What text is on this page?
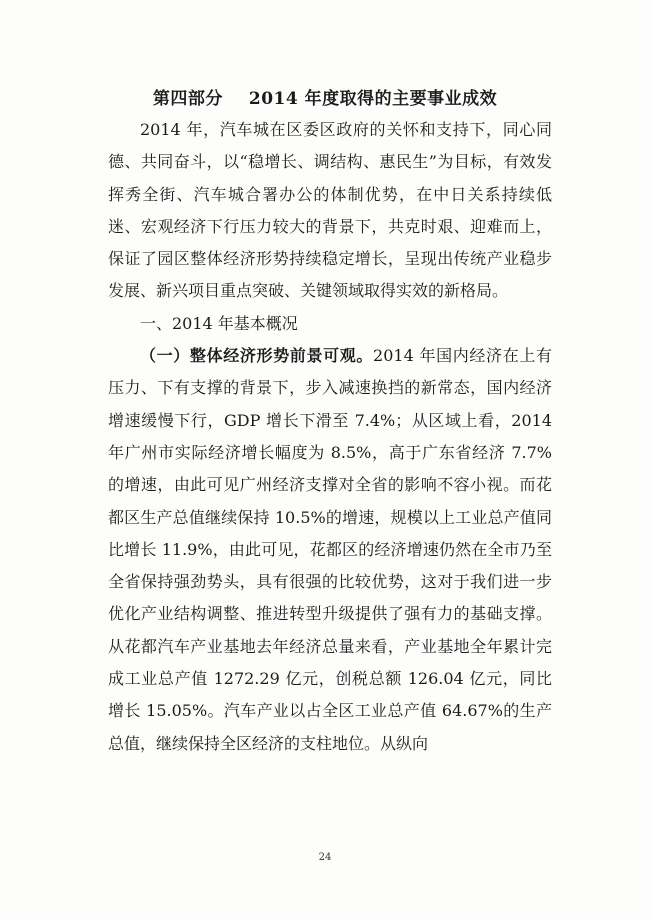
第四部分 2014 年度取得的主要事业成效

2014 年，汽车城在区委区政府的关怀和支持下，同心同德、共同奋斗，以“稳增长、调结构、惠民生”为目标，有效发挥秀全街、汽车城合署办公的体制优势，在中日关系持续低迷、宏观经济下行压力较大的背景下，共克时艰、迎难而上，保证了园区整体经济形势持续稳定增长，呈现出传统产业稳步发展、新兴项目重点突破、关键领域取得实效的新格局。

一、2014 年基本概况

（一）整体经济形势前景可观。2014 年国内经济在上有压力、下有支撑的背景下，步入减速换挡的新常态，国内经济增速缓慢下行，GDP 增长下滑至 7.4%；从区域上看，2014 年广州市实际经济增长幅度为 8.5%，高于广东省经济 7.7% 的增速，由此可见广州经济支撑对全省的影响不容小视。而花都区生产总值继续保持 10.5%的增速，规模以上工业总产值同比增长 11.9%，由此可见，花都区的经济增速仍然在全市乃至全省保持强劲势头，具有很强的比较优势，这对于我们进一步优化产业结构调整、推进转型升级提供了强有力的基础支撑。从花都汽车产业基地去年经济总量来看，产业基地全年累计完成工业总产值 1272.29 亿元，创税总额 126.04 亿元，同比增长 15.05%。汽车产业以占全区工业总产值 64.67%的生产总值，继续保持全区经济的支柱地位。从纵向

24
